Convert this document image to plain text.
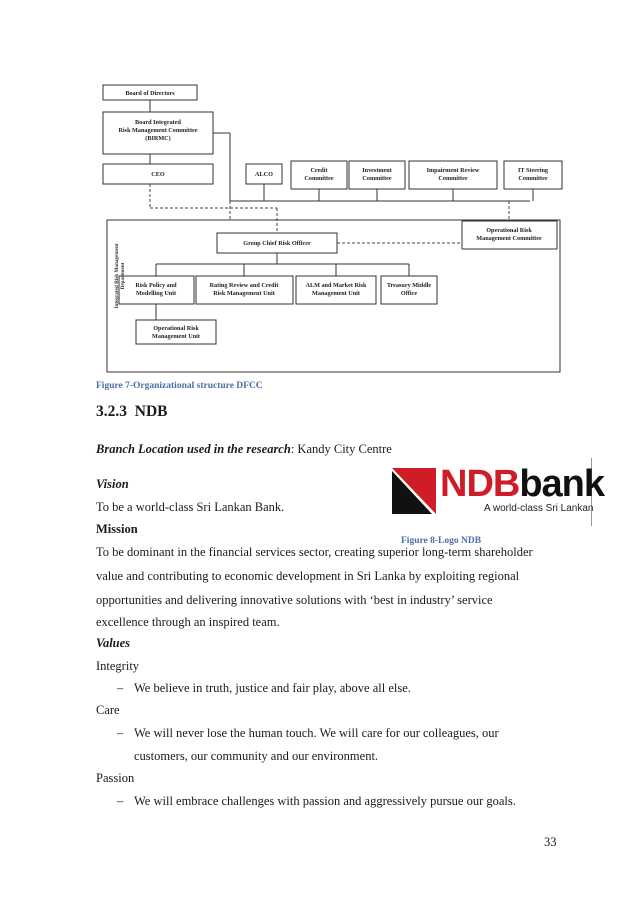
Board of Directors
Board Integrated Risk Management Committee (BIRMC)
CEO	ALCO
Credit Committee
Investment Committee
Impairment Review Committee
IT Steering Committee
Operational Risk Management Committee
Group Chief Risk Officer
Risk Policy and Modelling Unit
Rating Review and Credit Risk Management Unit
ALM and Market Risk Management Unit
Treasury Middle Office
Operational Risk Management Unit
Integrated Risk ManagementDepartment
Figure 7-Organizational structure DFCC
3.2.3 NDB
Branch Location used in the research: Kandy City Centre
NDBbank
A world-class Sri Lankan
Figure 8-Logo NDB
Vision
To be a world-class Sri Lankan Bank.
Mission
To be dominant in the financial services sector, creating superior long-term shareholder
value and contributing to economic development in Sri Lanka by exploiting regional
opportunities and delivering innovative solutions with ‘best in industry’ service
excellence through an inspired team.
Values
Integrity
– We believe in truth, justice and fair play, above all else.
Care
– We will never lose the human touch. We will care for our colleagues, our
customers, our community and our environment.
Passion
– We will embrace challenges with passion and aggressively pursue our goals.
33
